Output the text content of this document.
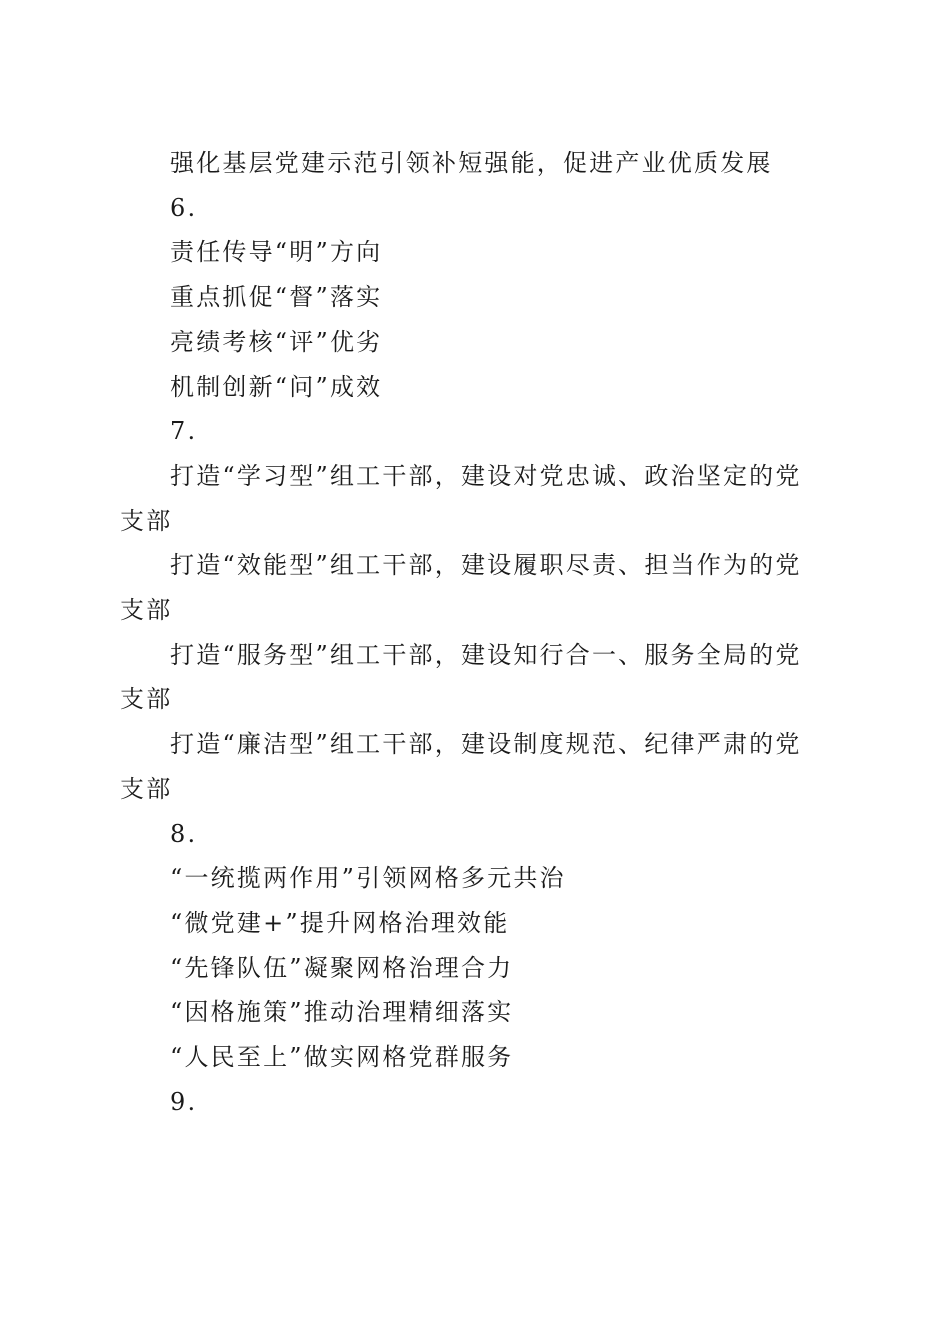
强化基层党建示范引领补短强能，促进产业优质发展

6.

责任传导“明”方向

重点抓促“督”落实

亮绩考核“评”优劣

机制创新“问”成效

7.

打造“学习型”组工干部，建设对党忠诚、政治坚定的党
支部
打造“效能型”组工干部，建设履职尽责、担当作为的党
支部
打造“服务型”组工干部，建设知行合一、服务全局的党
支部
打造“廉洁型”组工干部，建设制度规范、纪律严肃的党
支部

8.

“一统揽两作用”引领网格多元共治

“微党建+”提升网格治理效能

“先锋队伍”凝聚网格治理合力

“因格施策”推动治理精细落实

“人民至上”做实网格党群服务

9.
